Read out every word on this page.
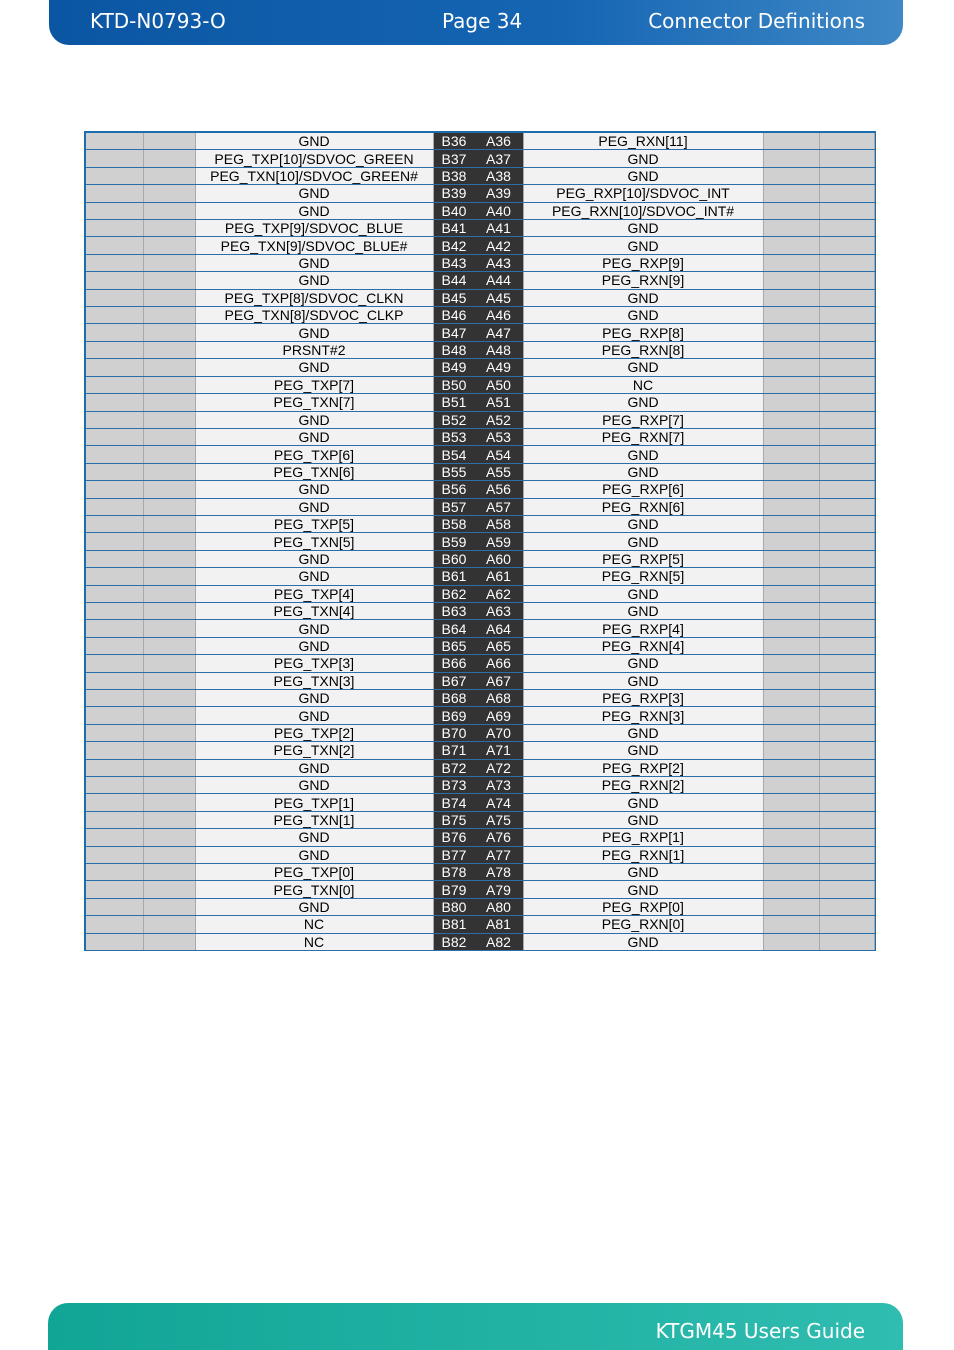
KTD-N0793-O	Page 34	Connector Definitions
		GND	B36	A36	PEG_RXN[11]		
		PEG_TXP[10]/SDVOC_GREEN	B37	A37	GND		
		PEG_TXN[10]/SDVOC_GREEN#	B38	A38	GND		
		GND	B39	A39	PEG_RXP[10]/SDVOC_INT		
		GND	B40	A40	PEG_RXN[10]/SDVOC_INT#		
		PEG_TXP[9]/SDVOC_BLUE	B41	A41	GND		
		PEG_TXN[9]/SDVOC_BLUE#	B42	A42	GND		
		GND	B43	A43	PEG_RXP[9]		
		GND	B44	A44	PEG_RXN[9]		
		PEG_TXP[8]/SDVOC_CLKN	B45	A45	GND		
		PEG_TXN[8]/SDVOC_CLKP	B46	A46	GND		
		GND	B47	A47	PEG_RXP[8]		
		PRSNT#2	B48	A48	PEG_RXN[8]		
		GND	B49	A49	GND		
		PEG_TXP[7]	B50	A50	NC		
		PEG_TXN[7]	B51	A51	GND		
		GND	B52	A52	PEG_RXP[7]		
		GND	B53	A53	PEG_RXN[7]		
		PEG_TXP[6]	B54	A54	GND		
		PEG_TXN[6]	B55	A55	GND		
		GND	B56	A56	PEG_RXP[6]		
		GND	B57	A57	PEG_RXN[6]		
		PEG_TXP[5]	B58	A58	GND		
		PEG_TXN[5]	B59	A59	GND		
		GND	B60	A60	PEG_RXP[5]		
		GND	B61	A61	PEG_RXN[5]		
		PEG_TXP[4]	B62	A62	GND		
		PEG_TXN[4]	B63	A63	GND		
		GND	B64	A64	PEG_RXP[4]		
		GND	B65	A65	PEG_RXN[4]		
		PEG_TXP[3]	B66	A66	GND		
		PEG_TXN[3]	B67	A67	GND		
		GND	B68	A68	PEG_RXP[3]		
		GND	B69	A69	PEG_RXN[3]		
		PEG_TXP[2]	B70	A70	GND		
		PEG_TXN[2]	B71	A71	GND		
		GND	B72	A72	PEG_RXP[2]		
		GND	B73	A73	PEG_RXN[2]		
		PEG_TXP[1]	B74	A74	GND		
		PEG_TXN[1]	B75	A75	GND		
		GND	B76	A76	PEG_RXP[1]		
		GND	B77	A77	PEG_RXN[1]		
		PEG_TXP[0]	B78	A78	GND		
		PEG_TXN[0]	B79	A79	GND		
		GND	B80	A80	PEG_RXP[0]		
		NC	B81	A81	PEG_RXN[0]		
		NC	B82	A82	GND		
KTGM45 Users Guide
